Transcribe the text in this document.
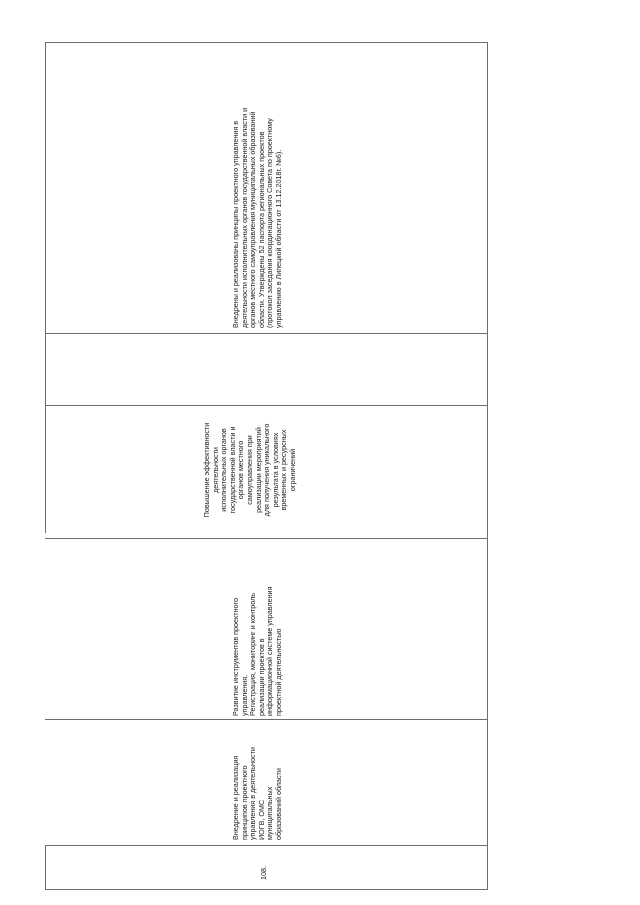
108.
Внедрение и реализация
принципов проектного
управления в деятельности
ИОГВ, ОМС
муниципальных
образований области
Развитие инструментов проектного
управления.
Регистрация, мониторинг и контроль
реализации проектов в
информационной системе управления
проектной деятельностью
Повышение эффективности
деятельности
исполнительных органов
государственной власти и
органов местного
самоуправления при
реализации мероприятий
для получения уникального
результата в условиях
временных и ресурсных
ограничений
Внедрены и реализованы принципы проектного управления в
деятельности исполнительных органов государственной власти и
органов местного самоуправления муниципальных образований
области. Утверждены 52 паспорта региональных проектов
(протокол заседания координационного Совета по проектному
управлению в Липецкой области от 13.12.2018г. №6).
